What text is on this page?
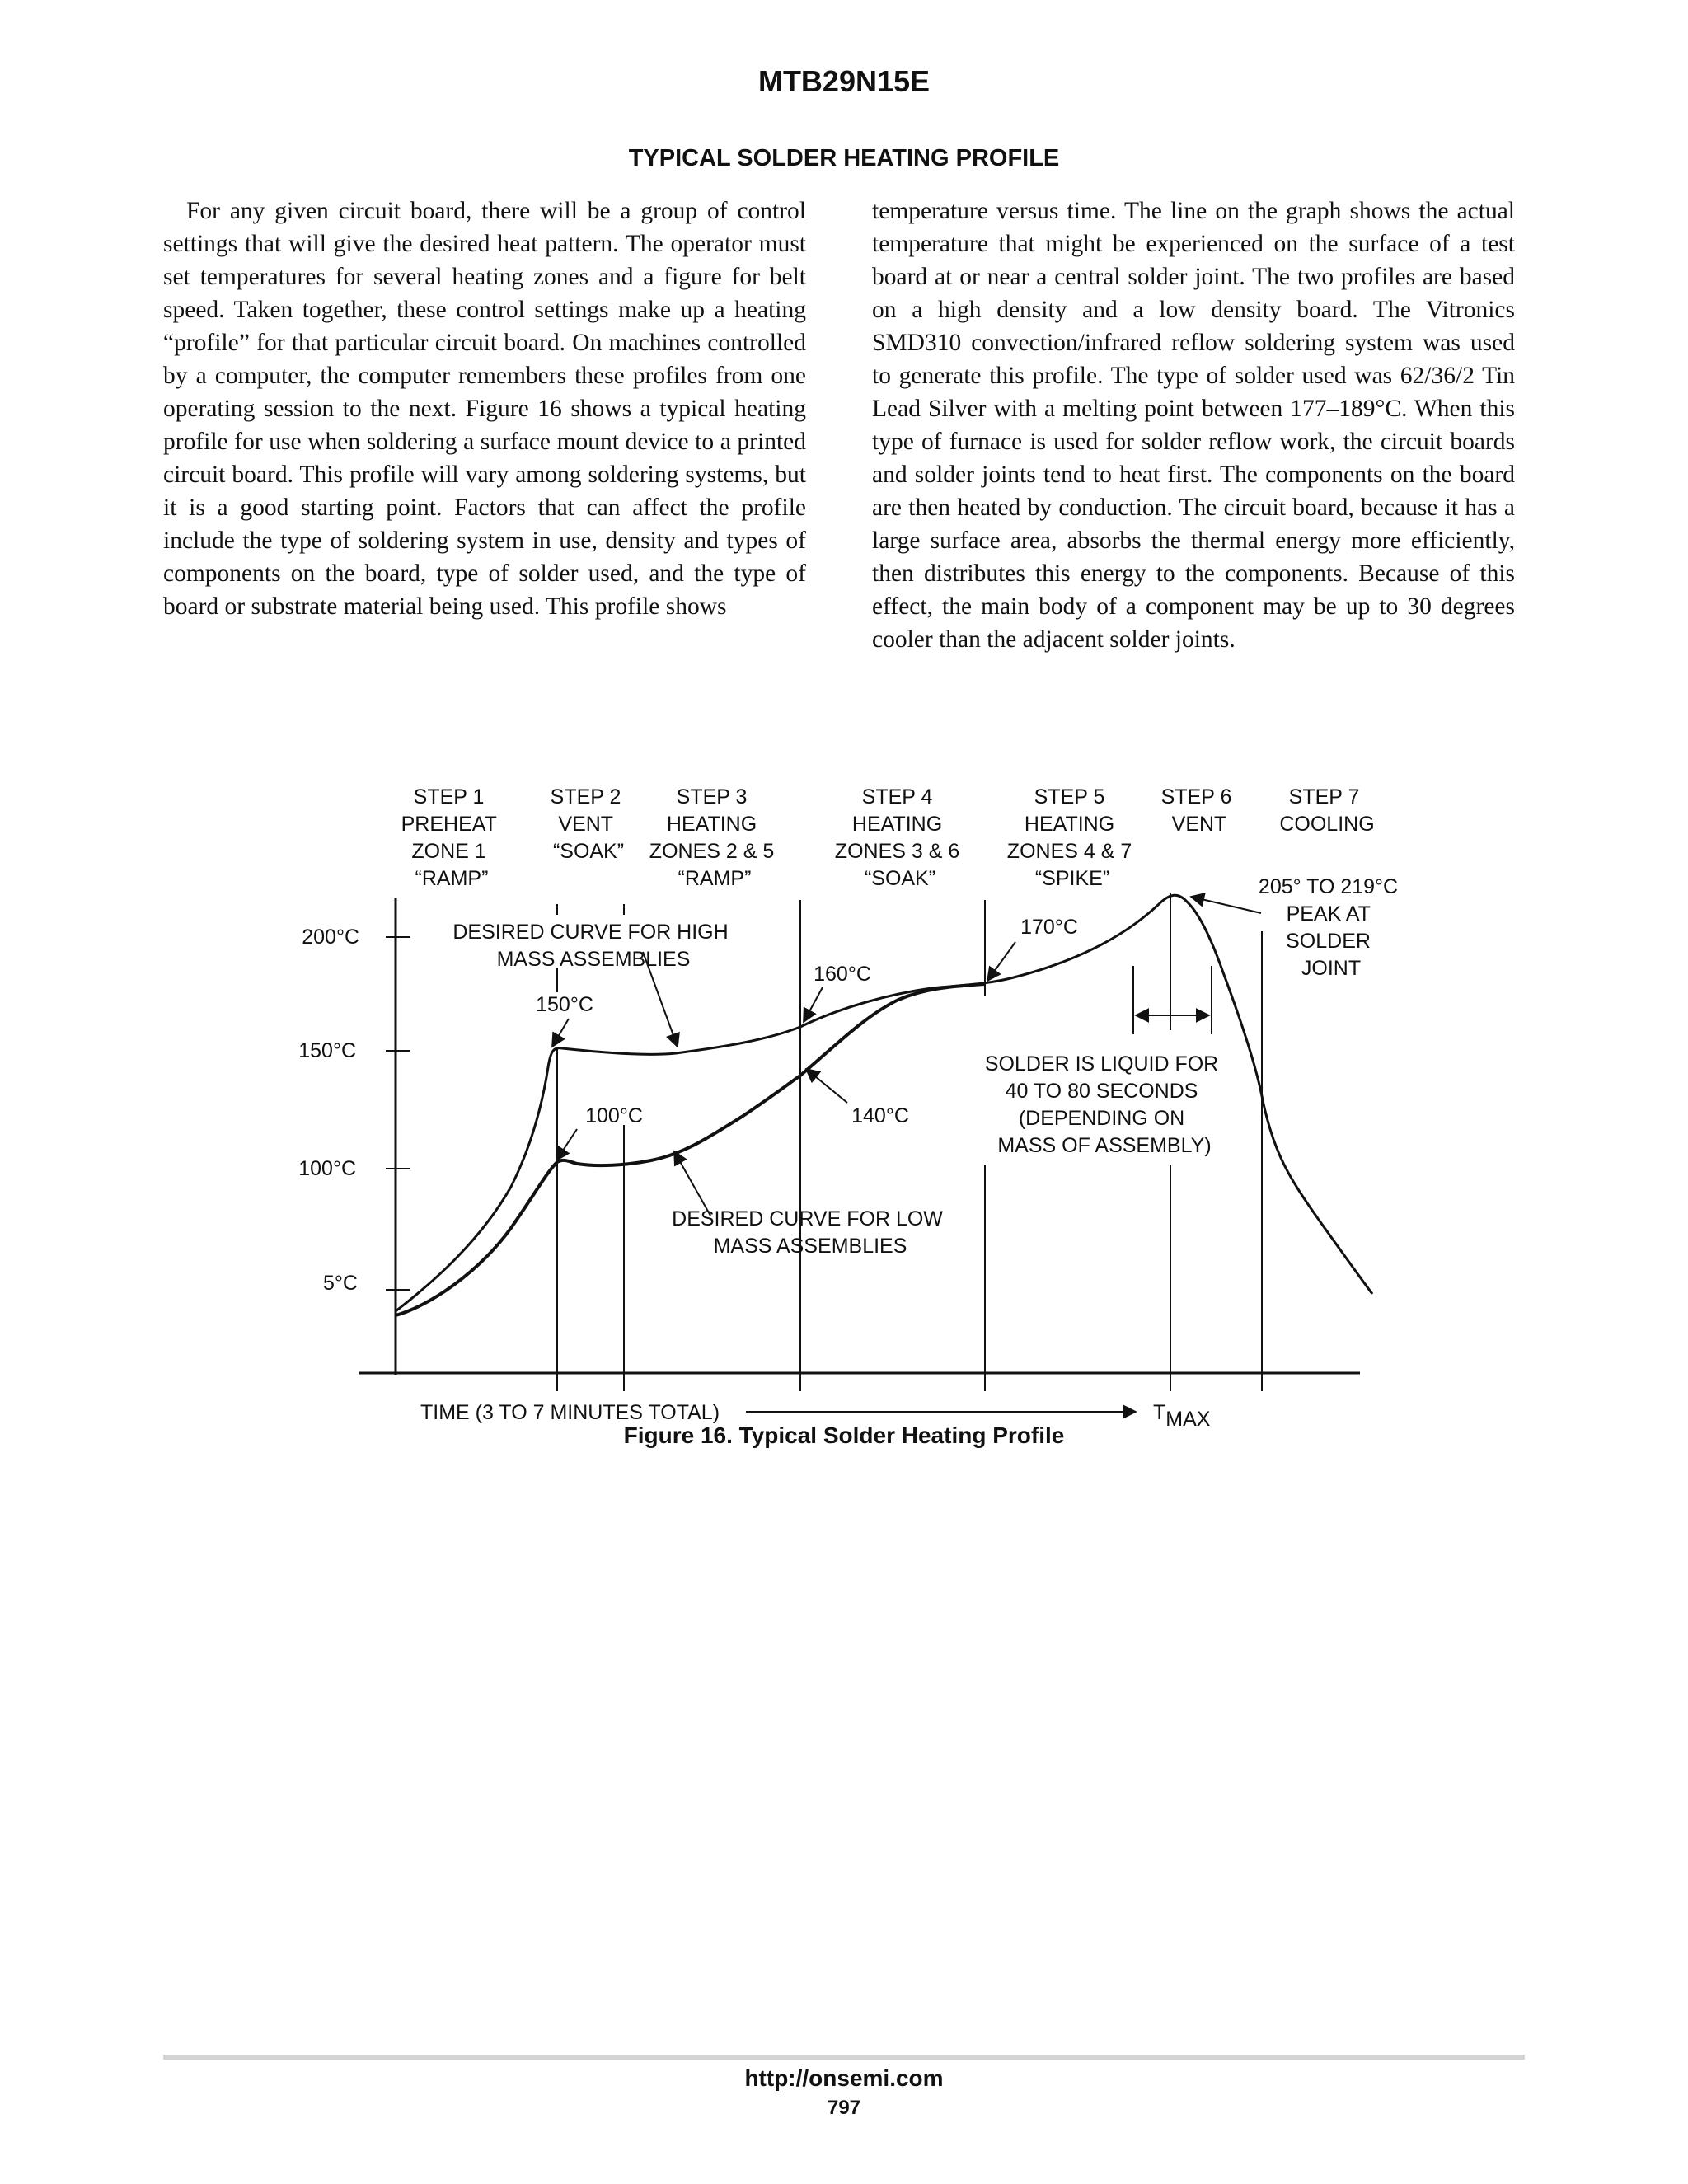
MTB29N15E
TYPICAL SOLDER HEATING PROFILE

For any given circuit board, there will be a group of control settings that will give the desired heat pattern. The operator must set temperatures for several heating zones and a figure for belt speed. Taken together, these control settings make up a heating “profile” for that particular circuit board. On machines controlled by a computer, the computer remembers these profiles from one operating session to the next. Figure 16 shows a typical heating profile for use when soldering a surface mount device to a printed circuit board. This profile will vary among soldering systems, but it is a good starting point. Factors that can affect the profile include the type of soldering system in use, density and types of components on the board, type of solder used, and the type of board or substrate material being used. This profile shows

temperature versus time. The line on the graph shows the actual temperature that might be experienced on the surface of a test board at or near a central solder joint. The two profiles are based on a high density and a low density board. The Vitronics SMD310 convection/infrared reflow soldering system was used to generate this profile. The type of solder used was 62/36/2 Tin Lead Silver with a melting point between 177–189°C. When this type of furnace is used for solder reflow work, the circuit boards and solder joints tend to heat first. The components on the board are then heated by conduction. The circuit board, because it has a large surface area, absorbs the thermal energy more efficiently, then distributes this energy to the components. Because of this effect, the main body of a component may be up to 30 degrees cooler than the adjacent solder joints.

STEP 1 PREHEAT ZONE 1 “RAMP”
STEP 2 VENT “SOAK”
STEP 3 HEATING ZONES 2 & 5 “RAMP”
STEP 4 HEATING ZONES 3 & 6 “SOAK”
STEP 5 HEATING ZONES 4 & 7 “SPIKE”
STEP 6 VENT
STEP 7 COOLING
200°C
150°C
100°C
5°C
DESIRED CURVE FOR HIGH MASS ASSEMBLIES
DESIRED CURVE FOR LOW MASS ASSEMBLIES
SOLDER IS LIQUID FOR 40 TO 80 SECONDS (DEPENDING ON MASS OF ASSEMBLY)
205° TO 219°C PEAK AT SOLDER JOINT
150°C
100°C
160°C
140°C
170°C
TIME (3 TO 7 MINUTES TOTAL)	TMAX
Figure 16. Typical Solder Heating Profile
http://onsemi.com
797
